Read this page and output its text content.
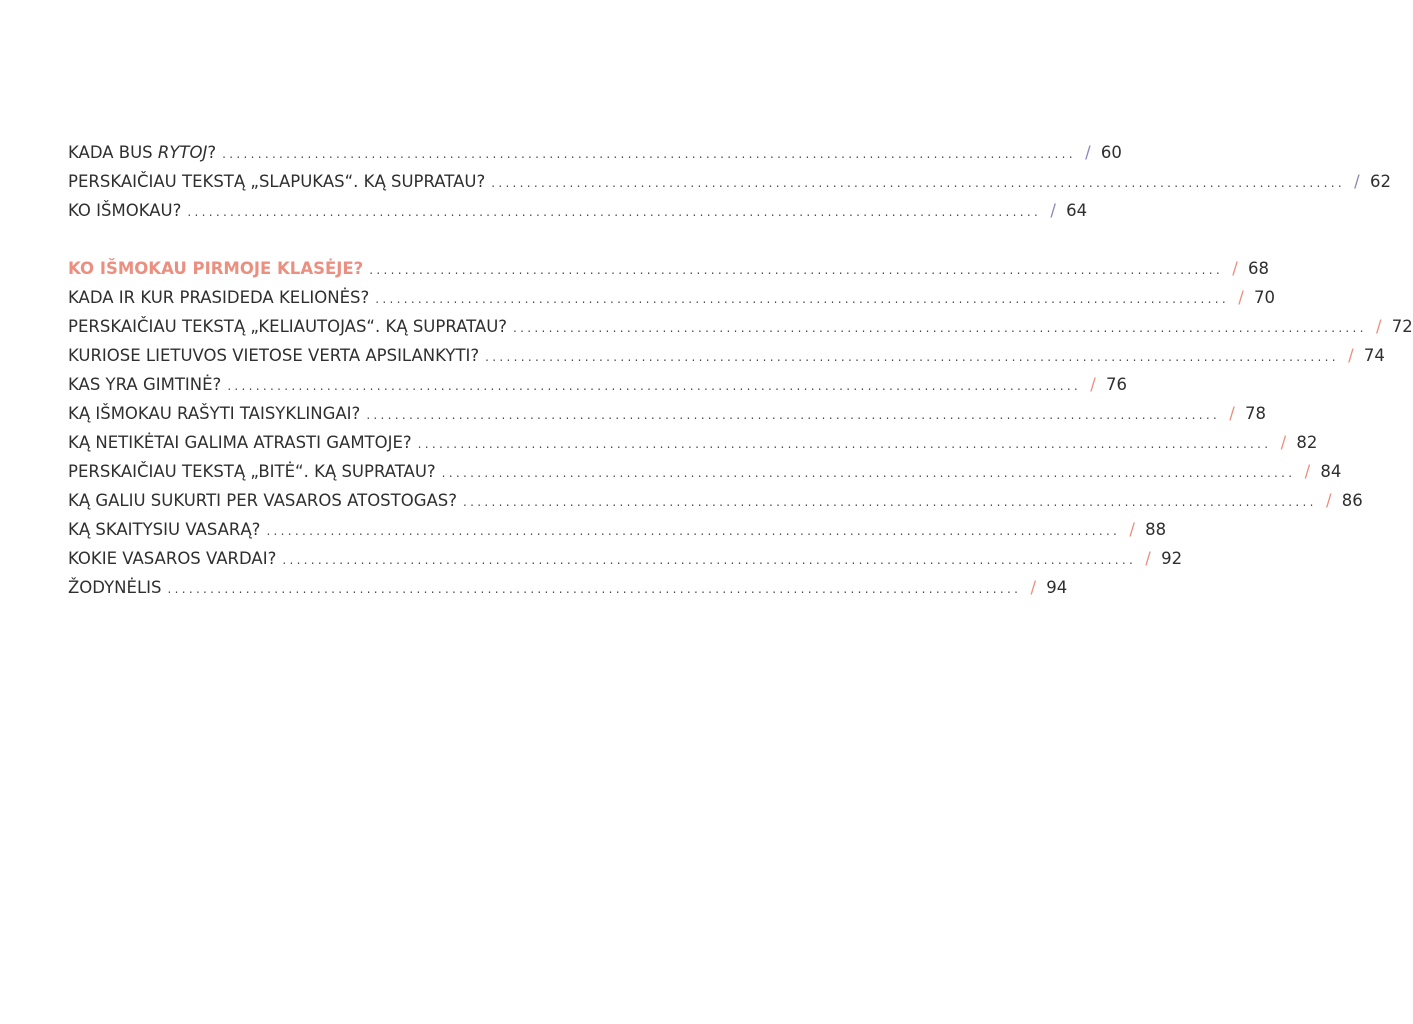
KADA BUS RYTOJ? ........................................................................................................................ / 60
PERSKAIČIAU TEKSTĄ „SLAPUKAS“. KĄ SUPRATAU? ........................................................................................................................ / 62
KO IŠMOKAU? ........................................................................................................................ / 64
KO IŠMOKAU PIRMOJE KLASĖJE? ........................................................................................................................ / 68
KADA IR KUR PRASIDEDA KELIONĖS? ........................................................................................................................ / 70
PERSKAIČIAU TEKSTĄ „KELIAUTOJAS“. KĄ SUPRATAU? ........................................................................................................................ / 72
KURIOSE LIETUVOS VIETOSE VERTA APSILANKYTI? ........................................................................................................................ / 74
KAS YRA GIMTINĖ? ........................................................................................................................ / 76
KĄ IŠMOKAU RAŠYTI TAISYKLINGAI? ........................................................................................................................ / 78
KĄ NETIKĖTAI GALIMA ATRASTI GAMTOJE? ........................................................................................................................ / 82
PERSKAIČIAU TEKSTĄ „BITĖ“. KĄ SUPRATAU? ........................................................................................................................ / 84
KĄ GALIU SUKURTI PER VASAROS ATOSTOGAS? ........................................................................................................................ / 86
KĄ SKAITYSIU VASARĄ? ........................................................................................................................ / 88
KOKIE VASAROS VARDAI? ........................................................................................................................ / 92
ŽODYNĖLIS ........................................................................................................................ / 94
